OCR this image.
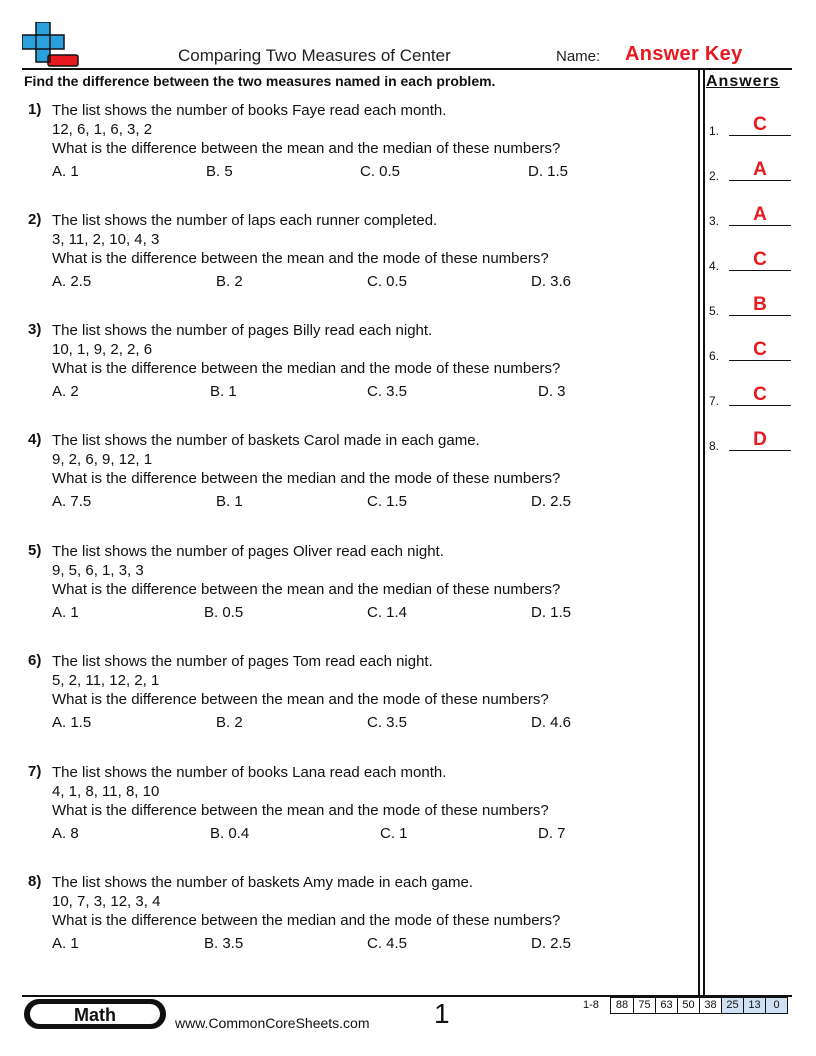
Comparing Two Measures of Center	Name: Answer Key
Find the difference between the two measures named in each problem.	Answers
1.	C
2.	A
3.	A
4.	C
5.	B
6.	C
7.	C
8.	D
1) The list shows the number of books Faye read each month.
12, 6, 1, 6, 3, 2
What is the difference between the mean and the median of these numbers?
A. 1	B. 5	C. 0.5	D. 1.5
2) The list shows the number of laps each runner completed.
3, 11, 2, 10, 4, 3
What is the difference between the mean and the mode of these numbers?
A. 2.5	B. 2	C. 0.5	D. 3.6
3) The list shows the number of pages Billy read each night.
10, 1, 9, 2, 2, 6
What is the difference between the median and the mode of these numbers?
A. 2	B. 1	C. 3.5	D. 3
4) The list shows the number of baskets Carol made in each game.
9, 2, 6, 9, 12, 1
What is the difference between the median and the mode of these numbers?
A. 7.5	B. 1	C. 1.5	D. 2.5
5) The list shows the number of pages Oliver read each night.
9, 5, 6, 1, 3, 3
What is the difference between the mean and the median of these numbers?
A. 1	B. 0.5	C. 1.4	D. 1.5
6) The list shows the number of pages Tom read each night.
5, 2, 11, 12, 2, 1
What is the difference between the mean and the mode of these numbers?
A. 1.5	B. 2	C. 3.5	D. 4.6
7) The list shows the number of books Lana read each month.
4, 1, 8, 11, 8, 10
What is the difference between the mean and the mode of these numbers?
A. 8	B. 0.4	C. 1	D. 7
8) The list shows the number of baskets Amy made in each game.
10, 7, 3, 12, 3, 4
What is the difference between the median and the mode of these numbers?
A. 1	B. 3.5	C. 4.5	D. 2.5
Math	www.CommonCoreSheets.com 1	1-8	88 75 63 50 38 25 13	0
